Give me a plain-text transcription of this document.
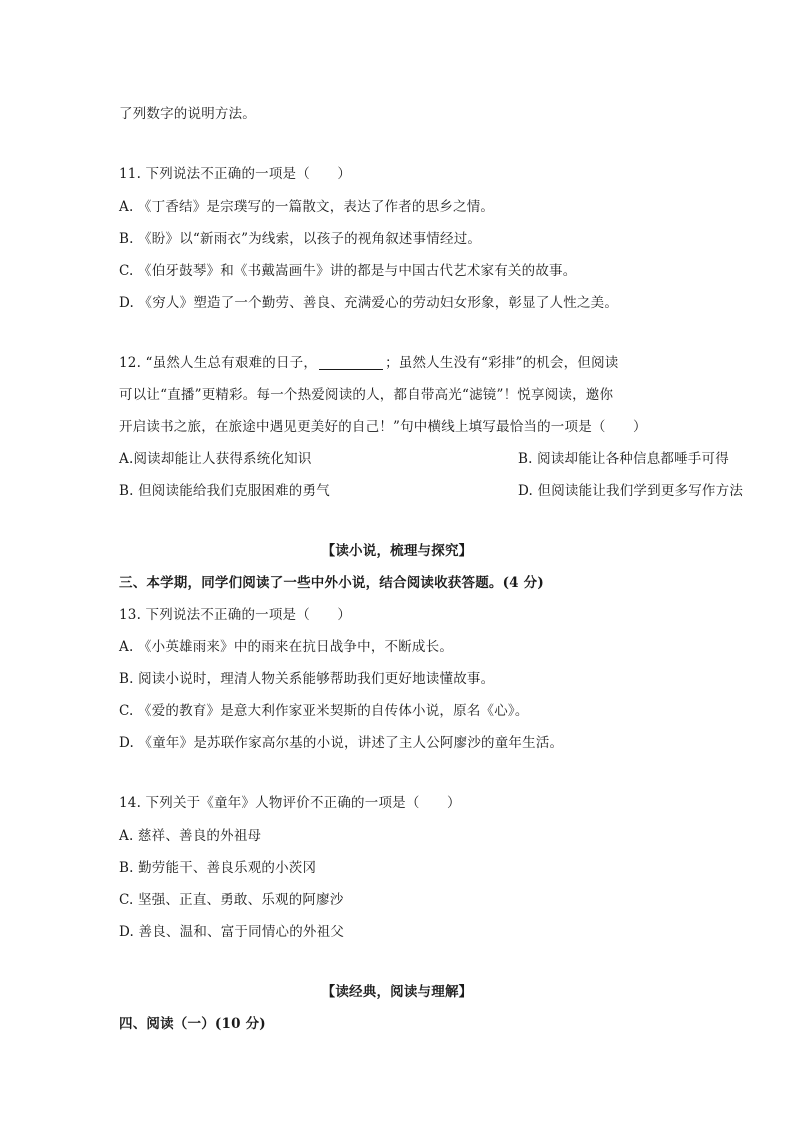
了列数字的说明方法。
11. 下列说法不正确的一项是（　　）
A. 《丁香结》是宗璞写的一篇散文，表达了作者的思乡之情。
B. 《盼》以“新雨衣”为线索，以孩子的视角叙述事情经过。
C. 《伯牙鼓琴》和《书戴嵩画牛》讲的都是与中国古代艺术家有关的故事。
D. 《穷人》塑造了一个勤劳、善良、充满爱心的劳动妇女形象，彰显了人性之美。
12. “虽然人生总有艰难的日子，	；虽然人生没有“彩排”的机会，但阅读
可以让“直播”更精彩。每一个热爱阅读的人，都自带高光“滤镜”！悦享阅读，邀你
开启读书之旅，在旅途中遇见更美好的自己！”句中横线上填写最恰当的一项是（　　）
A.阅读却能让人获得系统化知识	B. 阅读却能让各种信息都唾手可得
B. 但阅读能给我们克服困难的勇气	D. 但阅读能让我们学到更多写作方法
【读小说，梳理与探究】
三、本学期，同学们阅读了一些中外小说，结合阅读收获答题。(4 分)
13. 下列说法不正确的一项是（　　）
A. 《小英雄雨来》中的雨来在抗日战争中，不断成长。
B. 阅读小说时，理清人物关系能够帮助我们更好地读懂故事。
C. 《爱的教育》是意大利作家亚米契斯的自传体小说，原名《心》。
D. 《童年》是苏联作家高尔基的小说，讲述了主人公阿廖沙的童年生活。
14. 下列关于《童年》人物评价不正确的一项是（　　）
A. 慈祥、善良的外祖母
B. 勤劳能干、善良乐观的小茨冈
C. 坚强、正直、勇敢、乐观的阿廖沙
D. 善良、温和、富于同情心的外祖父
【读经典，阅读与理解】
四、阅读（一）(10 分)
